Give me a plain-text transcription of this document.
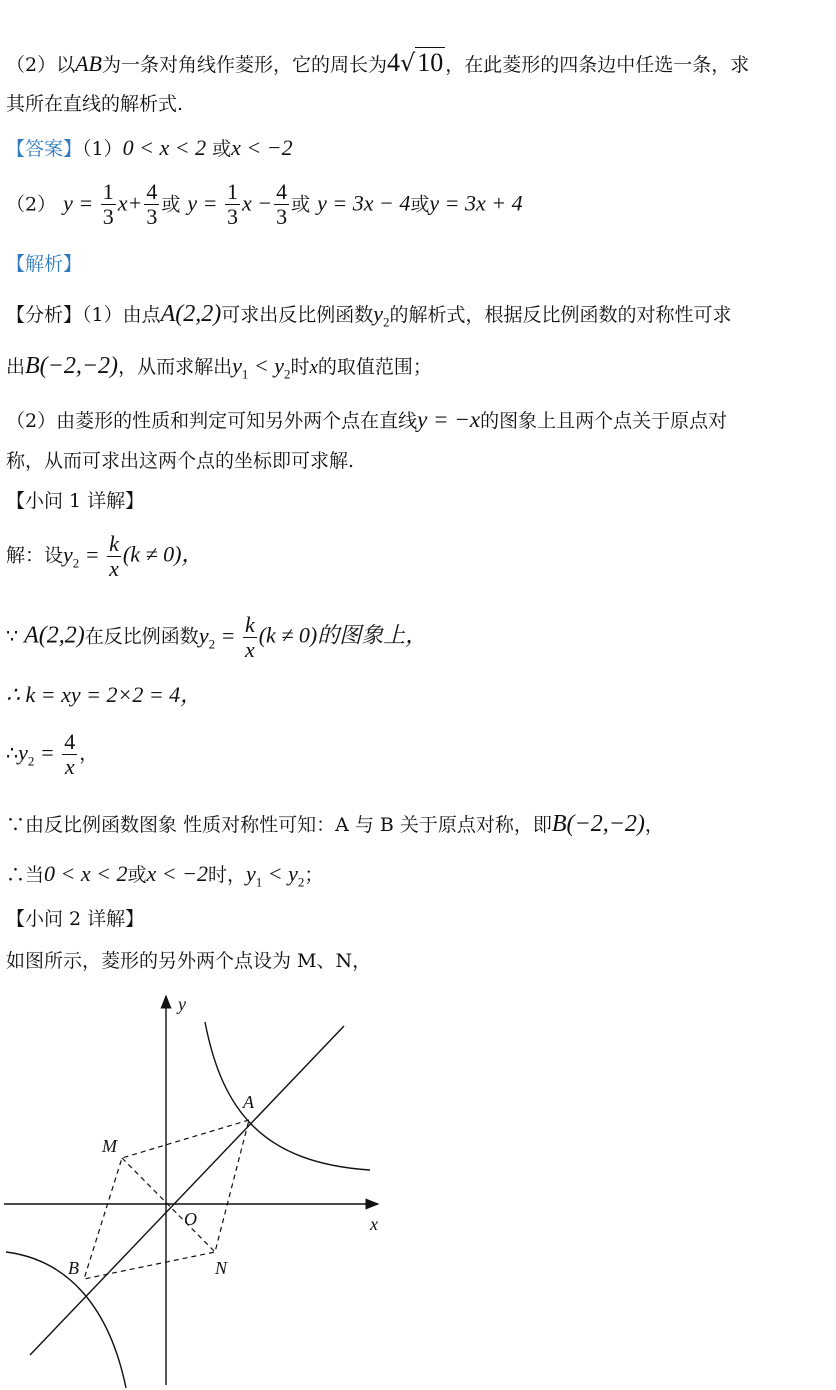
（2）以AB为一条对角线作菱形，它的周长为4√10 ，在此菱形的四条边中任选一条，求
其所在直线的解析式.
【答案】（1）0 < x < 2 或x < −2
（2） $y = \frac{1}{3} x+ \frac{4}{3}$ 或 $y = \frac{1}{3}$ $x - \frac{4}{3}$ 或 y = 3x − 4或y = 3x + 4
【解析】
【分析】（1）由点A(2,2)可求出反比例函数$y_2$的解析式，根据反比例函数的对称性可求
出B(−2,−2)，从而求解出$y_1 < y_2$时x的取值范围；
（2）由菱形的性质和判定可知另外两个点在直线y = −x的图象上且两个点关于原点对
称，从而可求出这两个点的坐标即可求解.
【小问 1 详解】
解：设$y_2 = \frac{k}{x} (k \ne 0)$，
∵ A(2,2)在反比例函数$y_2 = \frac{k}{x} (k \ne 0)$的图象上，
∴ k = xy = 2×2 = 4，
$\therefore y_2 = \frac{4}{x}$ ，
∵由反比例函数图象 性质对称性可知：A 与 B 关于原点对称，即B(−2,−2)，
∴当0 < x < 2或x < −2时，$y_1 < y_2$；
【小问 2 详解】
如图所示，菱形的另外两个点设为 M、N，
y
x
A
M
O
N
B
